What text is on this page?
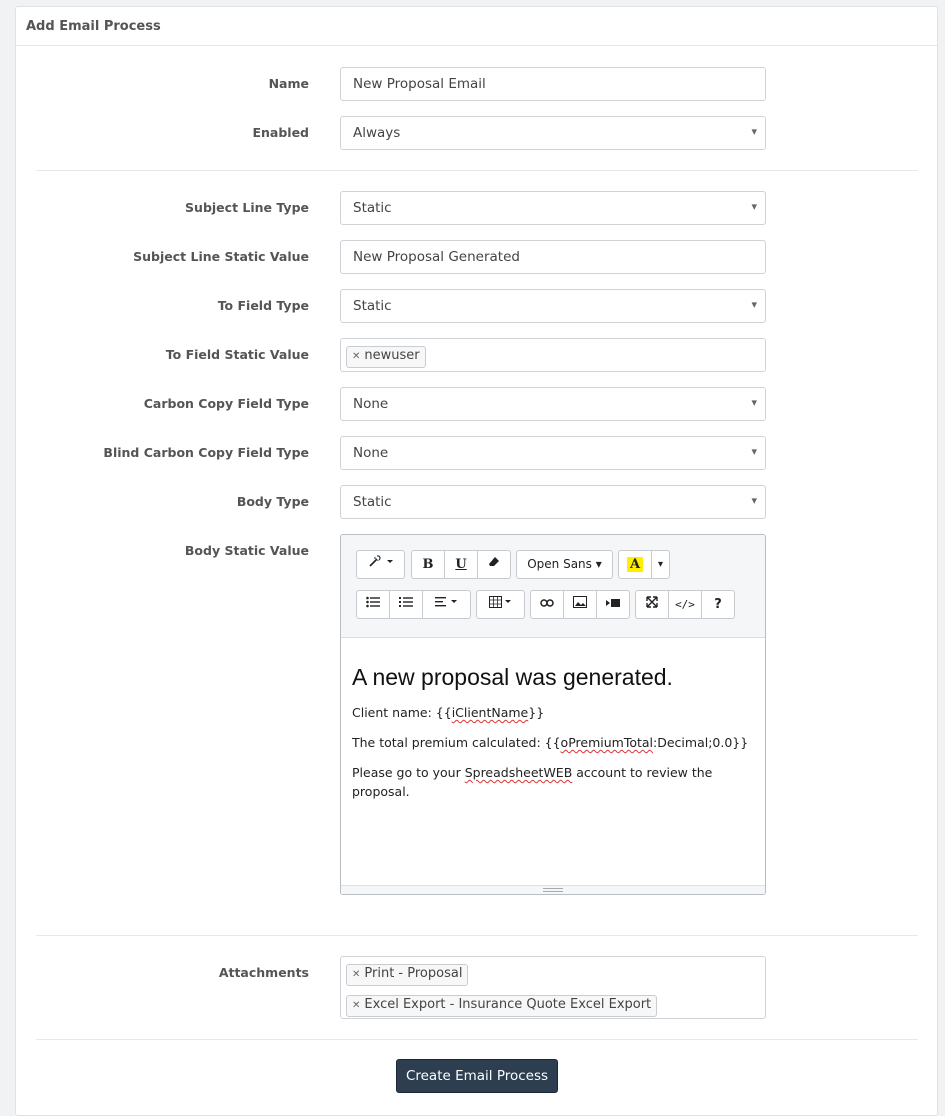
Add Email Process
Name	New Proposal Email
Enabled	Always ▾
Subject Line Type	Static ▾
Subject Line Static Value	New Proposal Generated
To Field Type	Static ▾
To Field Static Value	✕ newuser
Carbon Copy Field Type	None ▾
Blind Carbon Copy Field Type	None ▾
Body Type	Static ▾
Body Static Value
B	U	Open Sans ▾	A	▾
</>	?
A new proposal was generated.

Client name: {{iClientName}}

The total premium calculated: {{oPremiumTotal:Decimal;0.0}}

Please go to your SpreadsheetWEB account to review the proposal.

Attachments	✕ Print - Proposal
✕ Excel Export - Insurance Quote Excel Export
Create Email Process
